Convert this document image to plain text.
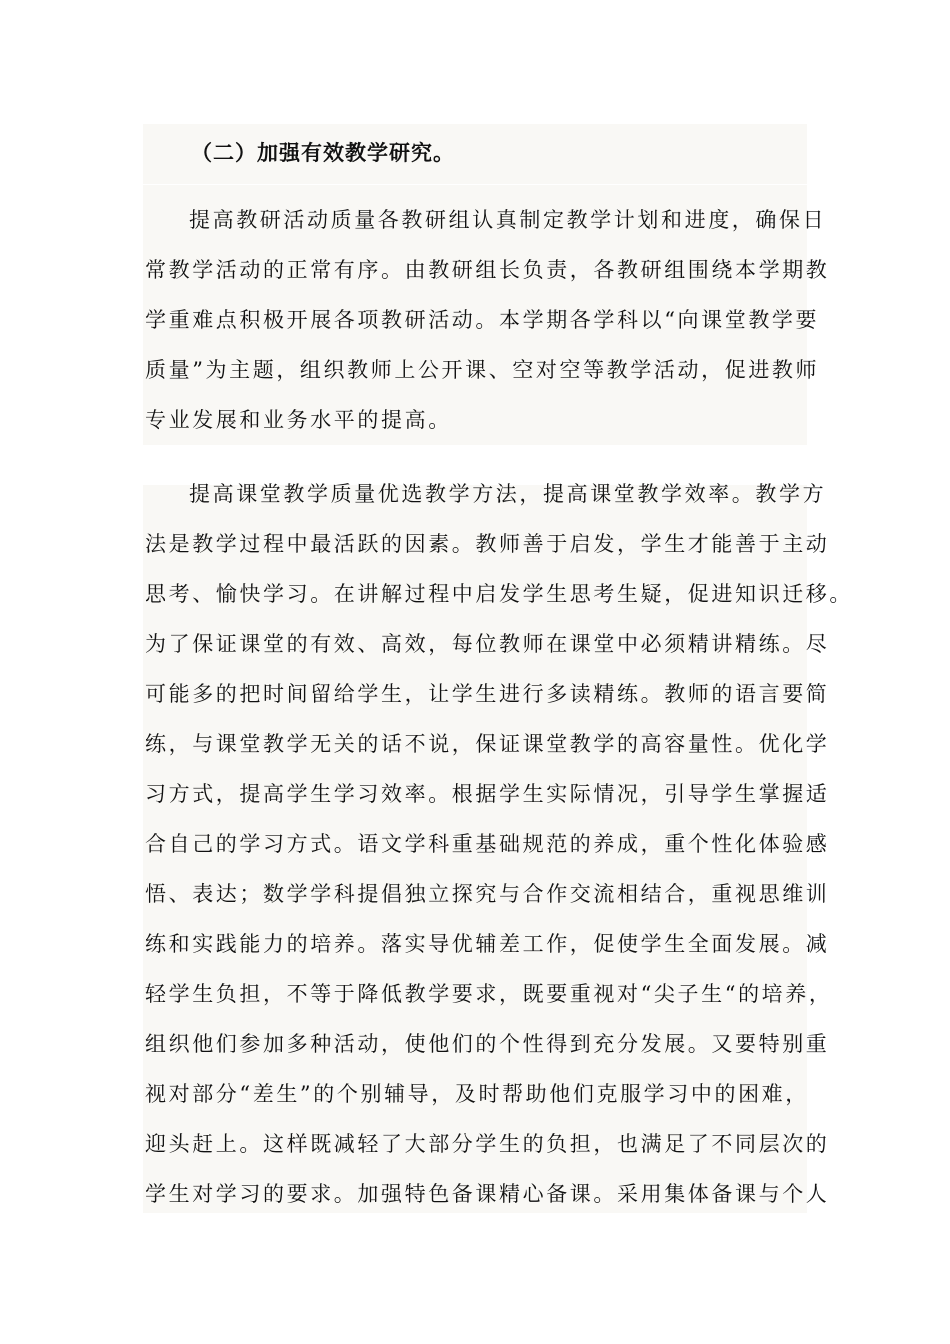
（二）加强有效教学研究。
提高教研活动质量各教研组认真制定教学计划和进度，确保日
常教学活动的正常有序。由教研组长负责，各教研组围绕本学期教
学重难点积极开展各项教研活动。本学期各学科以“向课堂教学要
质量”为主题，组织教师上公开课、空对空等教学活动，促进教师
专业发展和业务水平的提高。
提高课堂教学质量优选教学方法，提高课堂教学效率。教学方
法是教学过程中最活跃的因素。教师善于启发，学生才能善于主动
思考、愉快学习。在讲解过程中启发学生思考生疑，促进知识迁移。
为了保证课堂的有效、高效，每位教师在课堂中必须精讲精练。尽
可能多的把时间留给学生，让学生进行多读精练。教师的语言要简
练，与课堂教学无关的话不说，保证课堂教学的高容量性。优化学
习方式，提高学生学习效率。根据学生实际情况，引导学生掌握适
合自己的学习方式。语文学科重基础规范的养成，重个性化体验感
悟、表达；数学学科提倡独立探究与合作交流相结合，重视思维训
练和实践能力的培养。落实导优辅差工作，促使学生全面发展。减
轻学生负担，不等于降低教学要求，既要重视对“尖子生“的培养，
组织他们参加多种活动，使他们的个性得到充分发展。又要特别重
视对部分“差生”的个别辅导，及时帮助他们克服学习中的困难，
迎头赶上。这样既减轻了大部分学生的负担，也满足了不同层次的
学生对学习的要求。加强特色备课精心备课。采用集体备课与个人
